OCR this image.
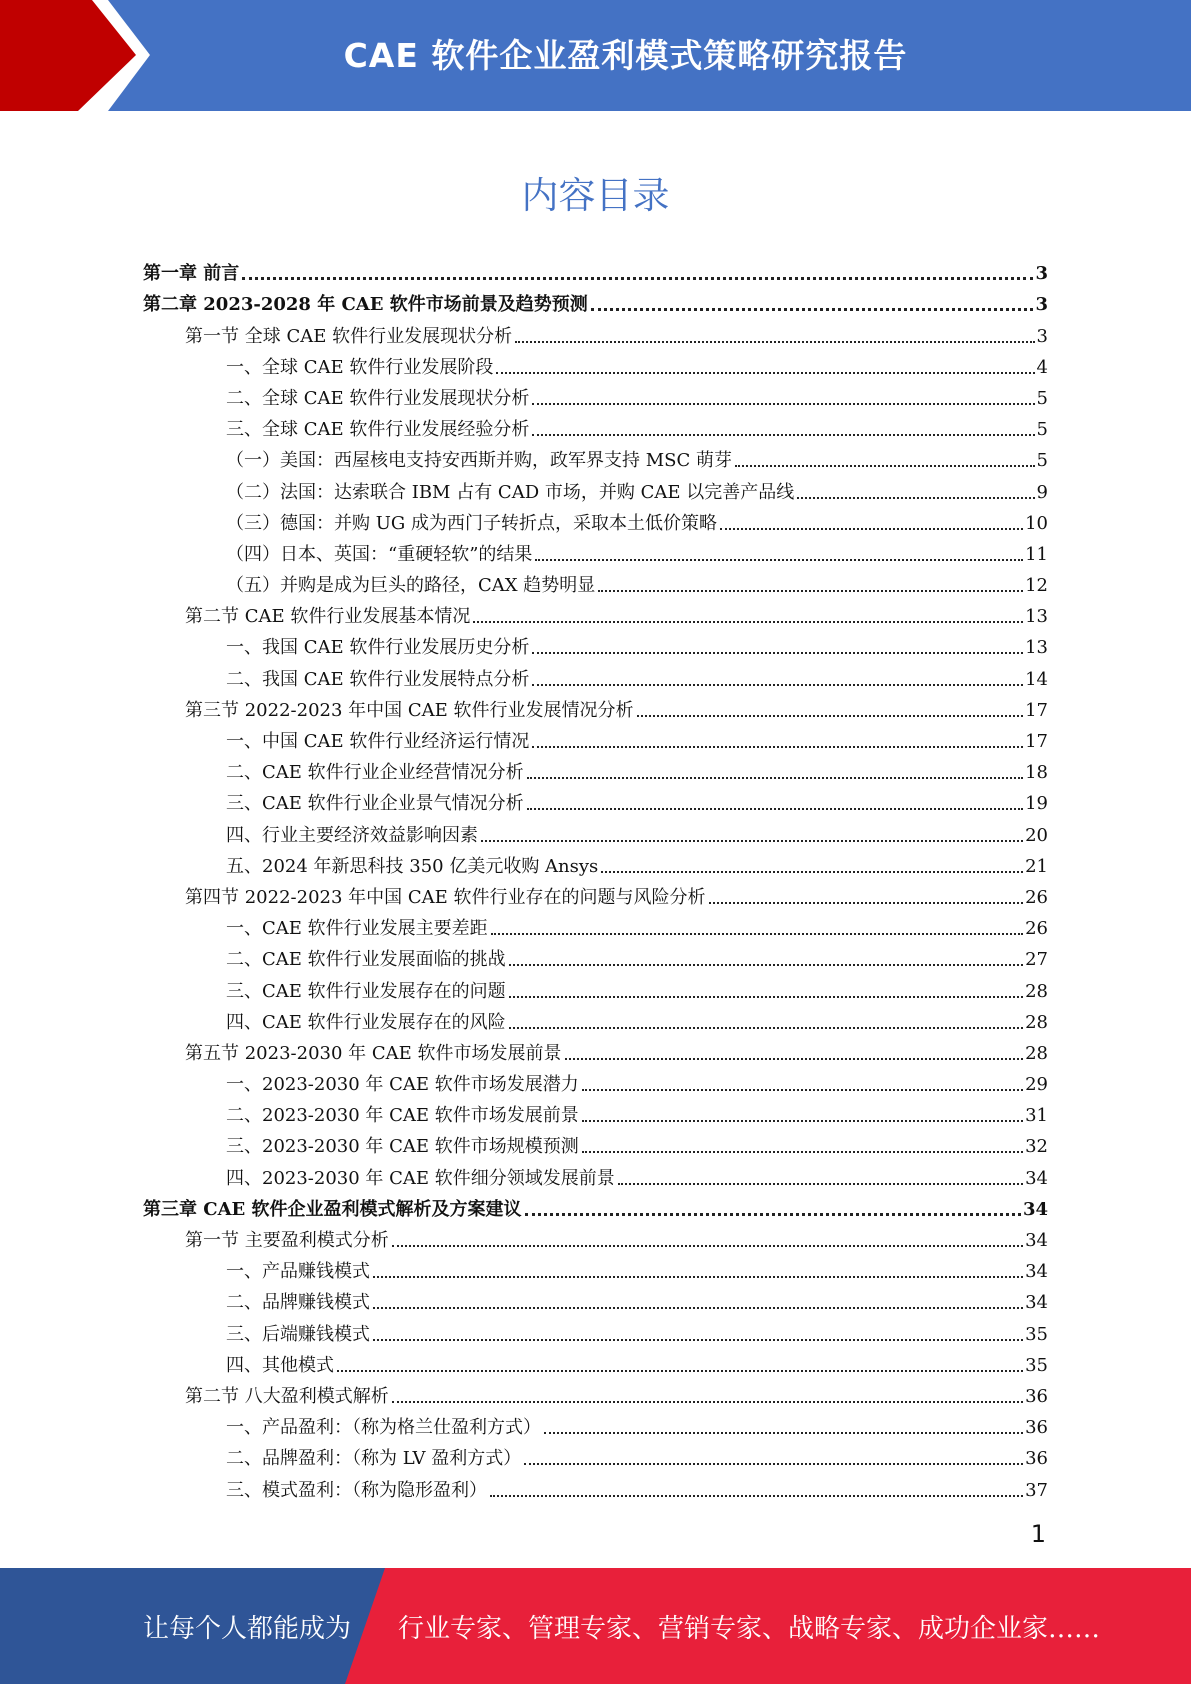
CAE 软件企业盈利模式策略研究报告
内容目录
第一章 前言	3
第二章 2023-2028 年 CAE 软件市场前景及趋势预测	3
第一节 全球 CAE 软件行业发展现状分析	3
一、全球 CAE 软件行业发展阶段	4
二、全球 CAE 软件行业发展现状分析	5
三、全球 CAE 软件行业发展经验分析	5
（一）美国：西屋核电支持安西斯并购，政军界支持 MSC 萌芽	5
（二）法国：达索联合 IBM 占有 CAD 市场，并购 CAE 以完善产品线	9
（三）德国：并购 UG 成为西门子转折点，采取本土低价策略	10
（四）日本、英国：“重硬轻软”的结果	11
（五）并购是成为巨头的路径，CAX 趋势明显	12
第二节 CAE 软件行业发展基本情况	13
一、我国 CAE 软件行业发展历史分析	13
二、我国 CAE 软件行业发展特点分析	14
第三节 2022-2023 年中国 CAE 软件行业发展情况分析	17
一、中国 CAE 软件行业经济运行情况	17
二、CAE 软件行业企业经营情况分析	18
三、CAE 软件行业企业景气情况分析	19
四、行业主要经济效益影响因素	20
五、2024 年新思科技 350 亿美元收购 Ansys	21
第四节 2022-2023 年中国 CAE 软件行业存在的问题与风险分析	26
一、CAE 软件行业发展主要差距	26
二、CAE 软件行业发展面临的挑战	27
三、CAE 软件行业发展存在的问题	28
四、CAE 软件行业发展存在的风险	28
第五节 2023-2030 年 CAE 软件市场发展前景	28
一、2023-2030 年 CAE 软件市场发展潜力	29
二、2023-2030 年 CAE 软件市场发展前景	31
三、2023-2030 年 CAE 软件市场规模预测	32
四、2023-2030 年 CAE 软件细分领域发展前景	34
第三章 CAE 软件企业盈利模式解析及方案建议	34
第一节 主要盈利模式分析	34
一、产品赚钱模式	34
二、品牌赚钱模式	34
三、后端赚钱模式	35
四、其他模式	35
第二节 八大盈利模式解析	36
一、产品盈利：（称为格兰仕盈利方式）	36
二、品牌盈利：（称为 LV 盈利方式）	36
三、模式盈利：（称为隐形盈利）	37
1
让每个人都能成为 行业专家、管理专家、营销专家、战略专家、成功企业家……
